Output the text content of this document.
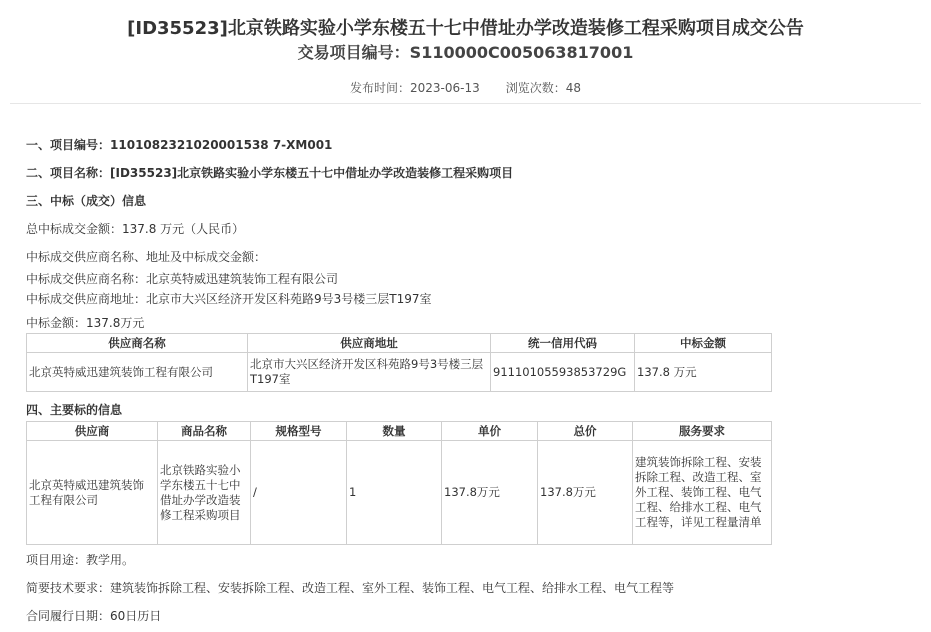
[ID35523]北京铁路实验小学东楼五十七中借址办学改造装修工程采购项目成交公告
交易项目编号：S110000C005063817001
发布时间：2023-06-13 浏览次数：48
一、项目编号：1101082321020001538 7-XM001
二、项目名称：[ID35523]北京铁路实验小学东楼五十七中借址办学改造装修工程采购项目
三、中标（成交）信息
总中标成交金额：137.8 万元（人民币）
中标成交供应商名称、地址及中标成交金额：
中标成交供应商名称：北京英特威迅建筑装饰工程有限公司
中标成交供应商地址：北京市大兴区经济开发区科苑路9号3号楼三层T197室
中标金额：137.8万元
供应商名称	供应商地址	统一信用代码	中标金额
北京英特威迅建筑装饰工程有限公司	北京市大兴区经济开发区科苑路9号3号楼三层T197室	91110105593853729G	137.8 万元
四、主要标的信息
供应商	商品名称	规格型号	数量	单价	总价	服务要求
北京英特威迅建筑装饰工程有限公司	北京铁路实验小学东楼五十七中借址办学改造装修工程采购项目	/	1	137.8万元	137.8万元	建筑装饰拆除工程、安装拆除工程、改造工程、室外工程、装饰工程、电气工程、给排水工程、电气工程等，详见工程量清单
项目用途：教学用。
简要技术要求：建筑装饰拆除工程、安装拆除工程、改造工程、室外工程、装饰工程、电气工程、给排水工程、电气工程等
合同履行日期：60日历日
